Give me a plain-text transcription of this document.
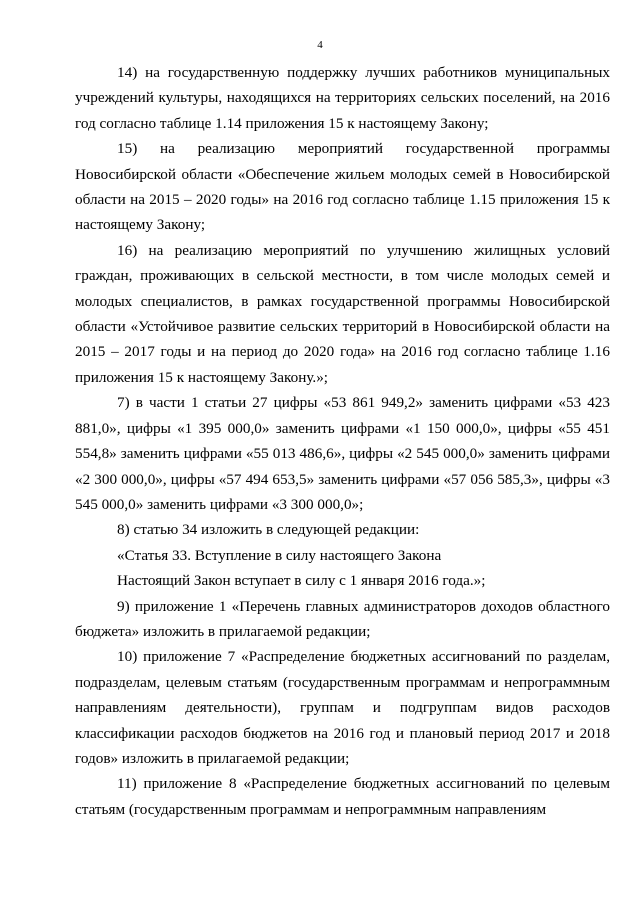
4

14) на государственную поддержку лучших работников муниципальных учреждений культуры, находящихся на территориях сельских поселений, на 2016 год согласно таблице 1.14 приложения 15 к настоящему Закону;

15) на реализацию мероприятий государственной программы Новосибирской области «Обеспечение жильем молодых семей в Новосибирской области на 2015 – 2020 годы» на 2016 год согласно таблице 1.15 приложения 15 к настоящему Закону;

16) на реализацию мероприятий по улучшению жилищных условий граждан, проживающих в сельской местности, в том числе молодых семей и молодых специалистов, в рамках государственной программы Новосибирской области «Устойчивое развитие сельских территорий в Новосибирской области на 2015 – 2017 годы и на период до 2020 года» на 2016 год согласно таблице 1.16 приложения 15 к настоящему Закону.»;

7) в части 1 статьи 27 цифры «53 861 949,2» заменить цифрами «53 423 881,0», цифры «1 395 000,0» заменить цифрами «1 150 000,0», цифры «55 451 554,8» заменить цифрами «55 013 486,6», цифры «2 545 000,0» заменить цифрами «2 300 000,0», цифры «57 494 653,5» заменить цифрами «57 056 585,3», цифры «3 545 000,0» заменить цифрами «3 300 000,0»;

8) статью 34 изложить в следующей редакции:

«Статья 33. Вступление в силу настоящего Закона

Настоящий Закон вступает в силу с 1 января 2016 года.»;

9) приложение 1 «Перечень главных администраторов доходов областного бюджета» изложить в прилагаемой редакции;

10) приложение 7 «Распределение бюджетных ассигнований по разделам, подразделам, целевым статьям (государственным программам и непрограммным направлениям деятельности), группам и подгруппам видов расходов классификации расходов бюджетов на 2016 год и плановый период 2017 и 2018 годов» изложить в прилагаемой редакции;

11) приложение 8 «Распределение бюджетных ассигнований по целевым статьям (государственным программам и непрограммным направлениям
